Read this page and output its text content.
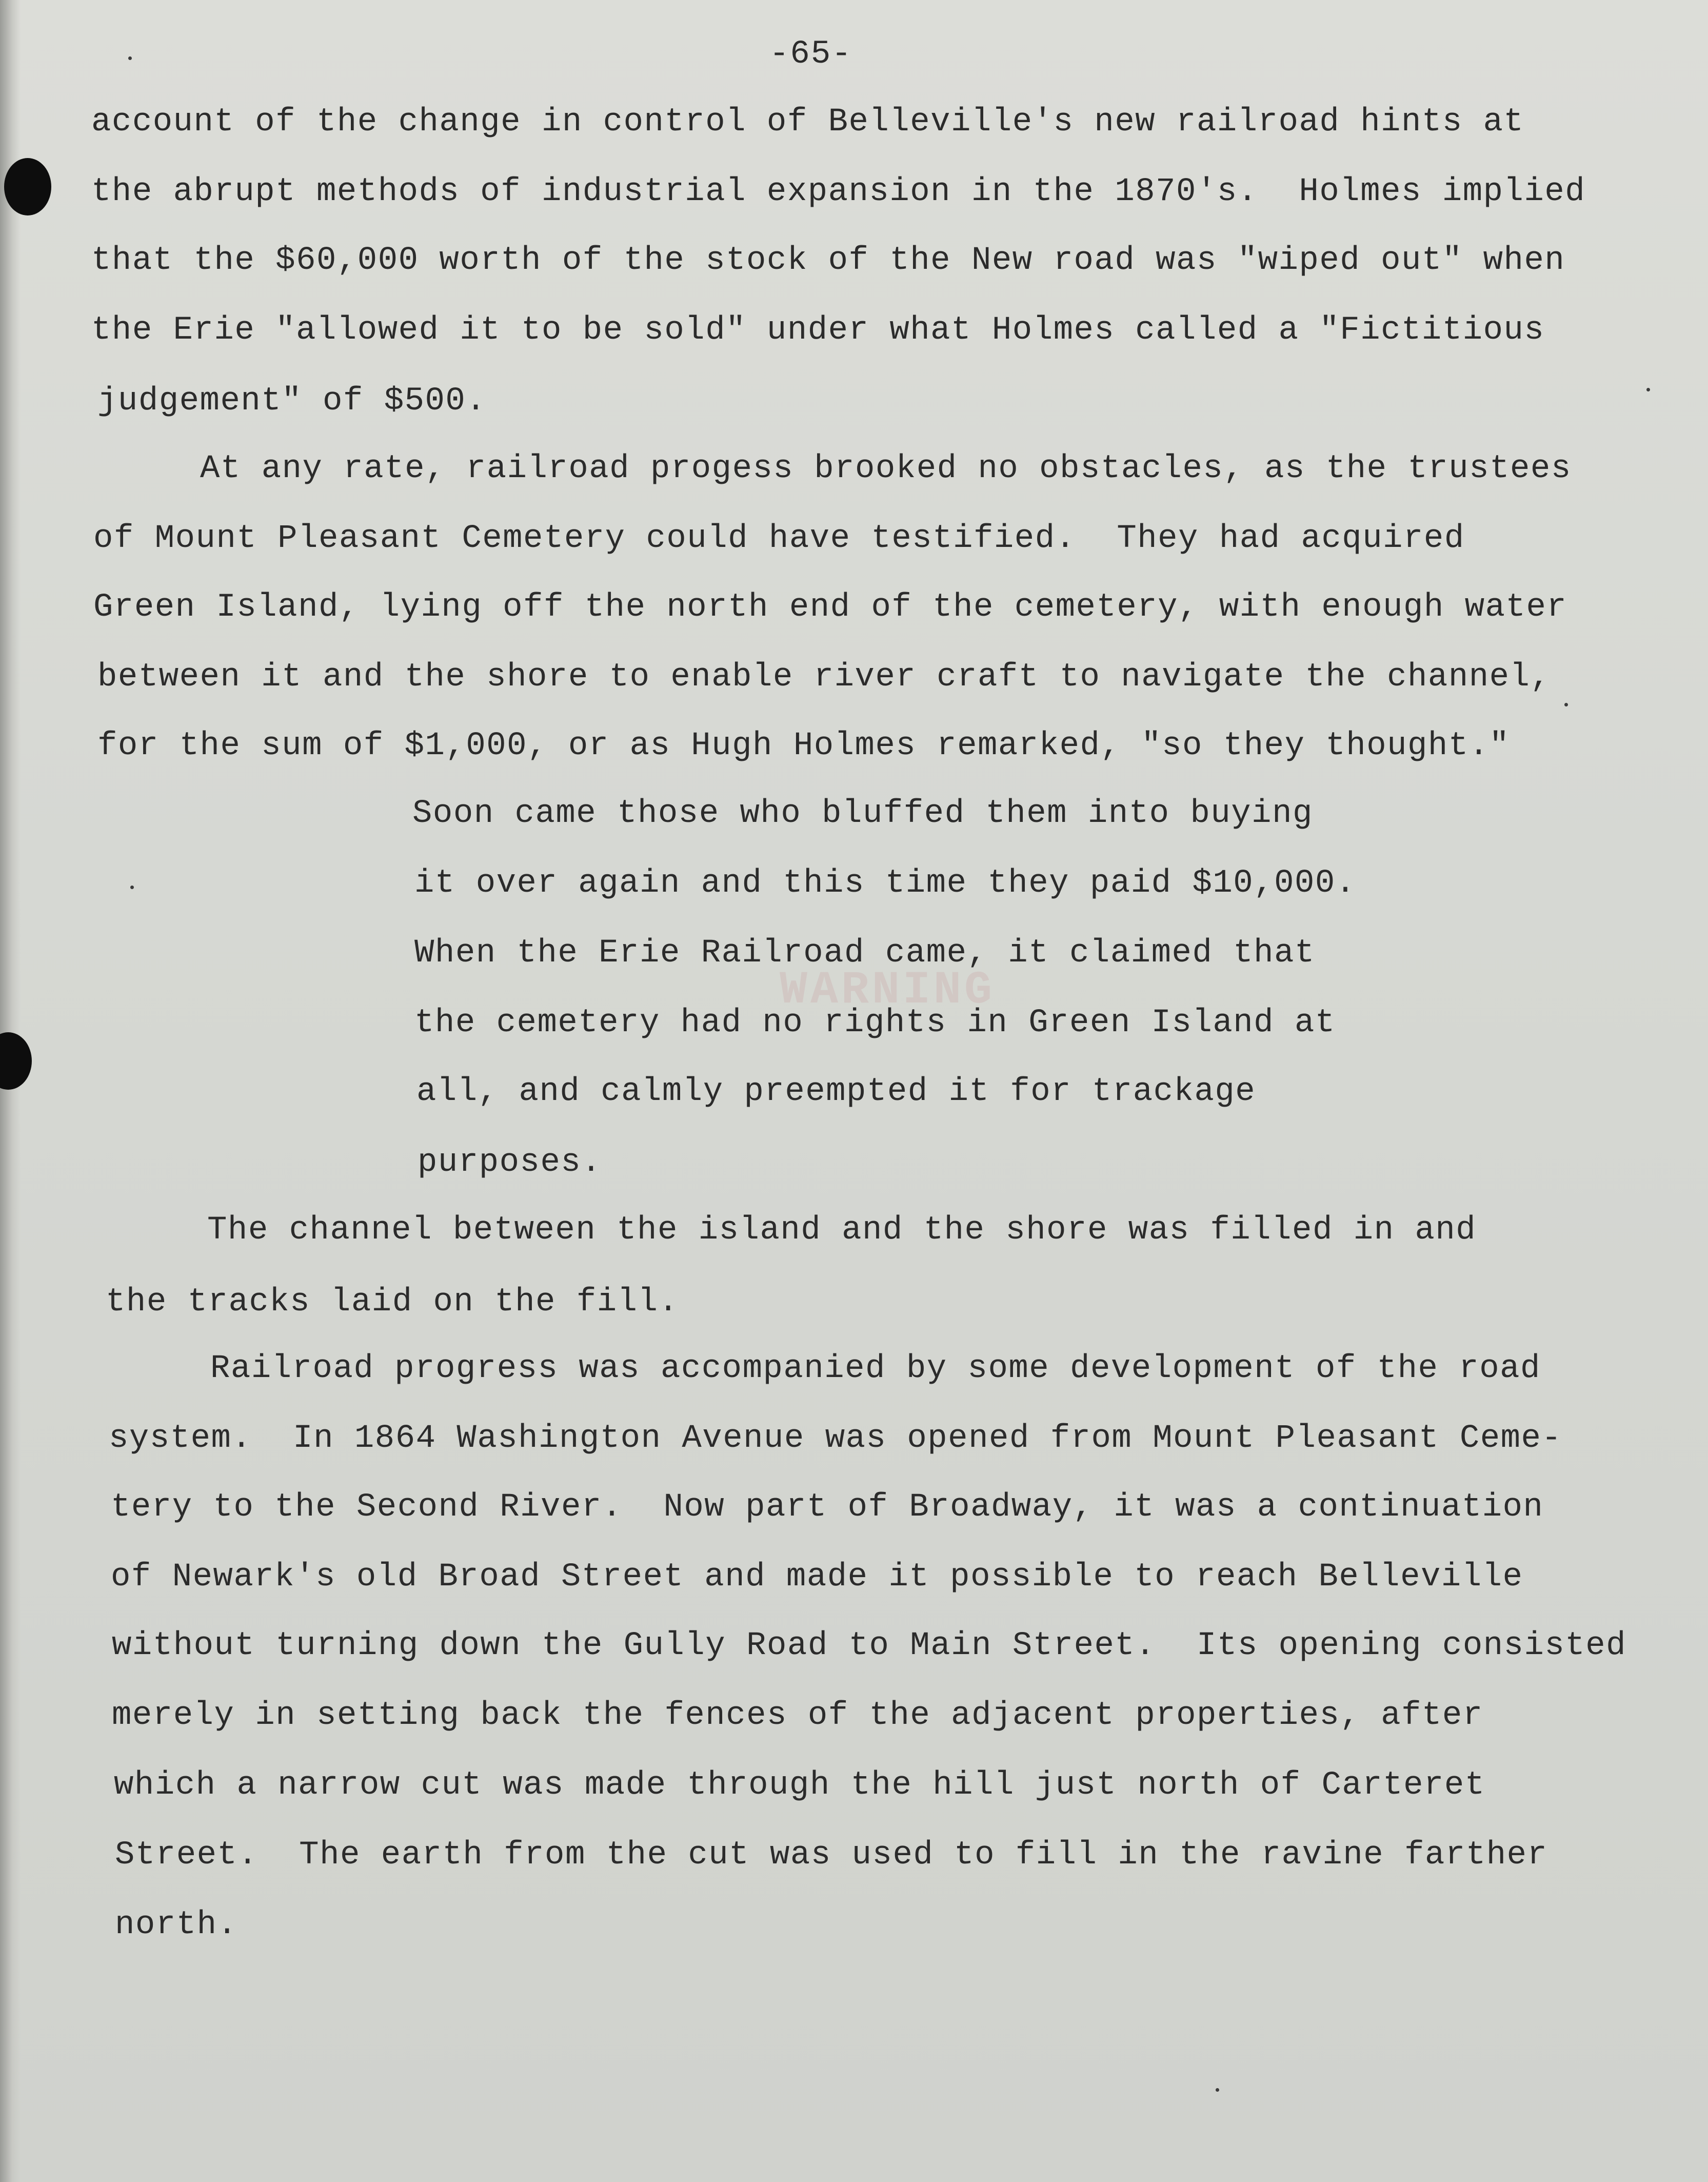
WARNING
-65-
account of the change in control of Belleville's new railroad hints at
the abrupt methods of industrial expansion in the 1870's.  Holmes implied
that the $60,000 worth of the stock of the New road was "wiped out" when
the Erie "allowed it to be sold" under what Holmes called a "Fictitious
judgement" of $500.
At any rate, railroad progess brooked no obstacles, as the trustees
of Mount Pleasant Cemetery could have testified.  They had acquired
Green Island, lying off the north end of the cemetery, with enough water
between it and the shore to enable river craft to navigate the channel,
for the sum of $1,000, or as Hugh Holmes remarked, "so they thought."
Soon came those who bluffed them into buying
it over again and this time they paid $10,000.
When the Erie Railroad came, it claimed that
the cemetery had no rights in Green Island at
all, and calmly preempted it for trackage
purposes.
The channel between the island and the shore was filled in and
the tracks laid on the fill.
Railroad progress was accompanied by some development of the road
system.  In 1864 Washington Avenue was opened from Mount Pleasant Ceme-
tery to the Second River.  Now part of Broadway, it was a continuation
of Newark's old Broad Street and made it possible to reach Belleville
without turning down the Gully Road to Main Street.  Its opening consisted
merely in setting back the fences of the adjacent properties, after
which a narrow cut was made through the hill just north of Carteret
Street.  The earth from the cut was used to fill in the ravine farther
north.
